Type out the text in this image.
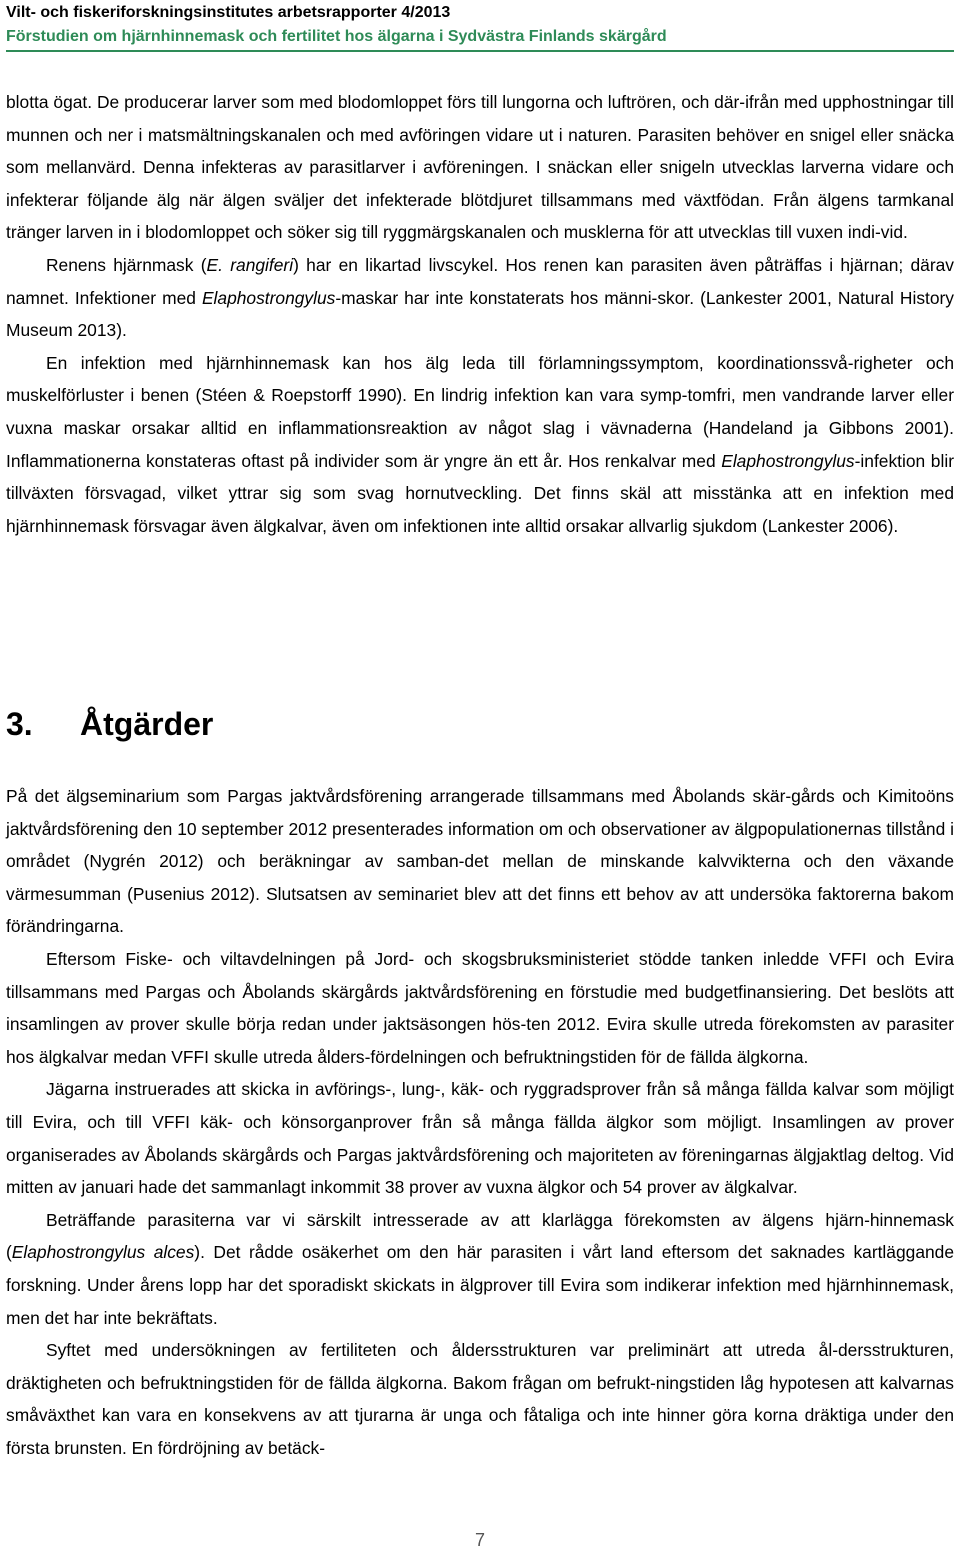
Vilt- och fiskeriforskningsinstitutes arbetsrapporter 4/2013
Förstudien om hjärnhinnemask och fertilitet hos älgarna i Sydvästra Finlands skärgård

blotta ögat. De producerar larver som med blodomloppet förs till lungorna och luftrören, och där-ifrån med upphostningar till munnen och ner i matsmältningskanalen och med avföringen vidare ut i naturen. Parasiten behöver en snigel eller snäcka som mellanvärd. Denna infekteras av parasitlarver i avföreningen. I snäckan eller snigeln utvecklas larverna vidare och infekterar följande älg när älgen sväljer det infekterade blötdjuret tillsammans med växtfödan. Från älgens tarmkanal tränger larven in i blodomloppet och söker sig till ryggmärgskanalen och musklerna för att utvecklas till vuxen indi-vid.

Renens hjärnmask (E. rangiferi) har en likartad livscykel. Hos renen kan parasiten även påträffas i hjärnan; därav namnet. Infektioner med Elaphostrongylus-maskar har inte konstaterats hos männi-skor. (Lankester 2001, Natural History Museum 2013).

En infektion med hjärnhinnemask kan hos älg leda till förlamningssymptom, koordinationssvå-righeter och muskelförluster i benen (Stéen & Roepstorff 1990). En lindrig infektion kan vara symp-tomfri, men vandrande larver eller vuxna maskar orsakar alltid en inflammationsreaktion av något slag i vävnaderna (Handeland ja Gibbons 2001). Inflammationerna konstateras oftast på individer som är yngre än ett år. Hos renkalvar med Elaphostrongylus-infektion blir tillväxten försvagad, vilket yttrar sig som svag hornutveckling. Det finns skäl att misstänka att en infektion med hjärnhinnemask försvagar även älgkalvar, även om infektionen inte alltid orsakar allvarlig sjukdom (Lankester 2006).

3. Åtgärder

På det älgseminarium som Pargas jaktvårdsförening arrangerade tillsammans med Åbolands skär-gårds och Kimitoöns jaktvårdsförening den 10 september 2012 presenterades information om och observationer av älgpopulationernas tillstånd i området (Nygrén 2012) och beräkningar av samban-det mellan de minskande kalvvikterna och den växande värmesumman (Pusenius 2012). Slutsatsen av seminariet blev att det finns ett behov av att undersöka faktorerna bakom förändringarna.

Eftersom Fiske- och viltavdelningen på Jord- och skogsbruksministeriet stödde tanken inledde VFFI och Evira tillsammans med Pargas och Åbolands skärgårds jaktvårdsförening en förstudie med budgetfinansiering. Det beslöts att insamlingen av prover skulle börja redan under jaktsäsongen hös-ten 2012. Evira skulle utreda förekomsten av parasiter hos älgkalvar medan VFFI skulle utreda ålders-fördelningen och befruktningstiden för de fällda älgkorna.

Jägarna instruerades att skicka in avförings-, lung-, käk- och ryggradsprover från så många fällda kalvar som möjligt till Evira, och till VFFI käk- och könsorganprover från så många fällda älgkor som möjligt. Insamlingen av prover organiserades av Åbolands skärgårds och Pargas jaktvårdsförening och majoriteten av föreningarnas älgjaktlag deltog. Vid mitten av januari hade det sammanlagt inkommit 38 prover av vuxna älgkor och 54 prover av älgkalvar.

Beträffande parasiterna var vi särskilt intresserade av att klarlägga förekomsten av älgens hjärn-hinnemask (Elaphostrongylus alces). Det rådde osäkerhet om den här parasiten i vårt land eftersom det saknades kartläggande forskning. Under årens lopp har det sporadiskt skickats in älgprover till Evira som indikerar infektion med hjärnhinnemask, men det har inte bekräftats.

Syftet med undersökningen av fertiliteten och åldersstrukturen var preliminärt att utreda ål-dersstrukturen, dräktigheten och befruktningstiden för de fällda älgkorna. Bakom frågan om befrukt-ningstiden låg hypotesen att kalvarnas småväxthet kan vara en konsekvens av att tjurarna är unga och fåtaliga och inte hinner göra korna dräktiga under den första brunsten. En fördröjning av betäck-

7
